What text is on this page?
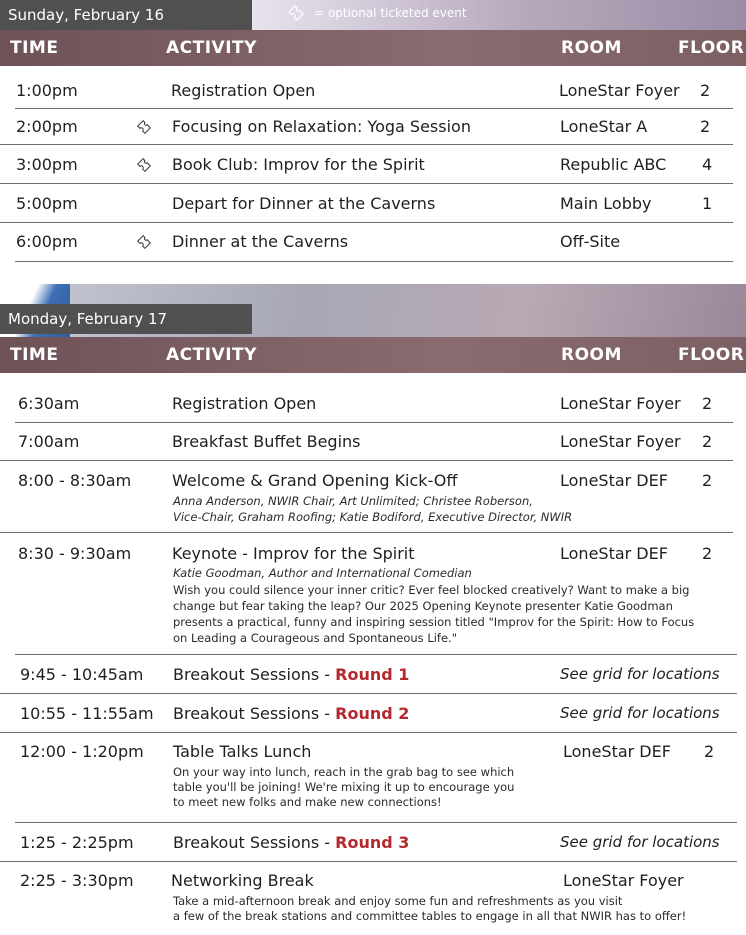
Sunday, February 16	= optional ticketed event
TIME	ACTIVITY	ROOM	FLOOR
1:00pm	Registration Open	LoneStar Foyer 2
2:00pm	Focusing on Relaxation: Yoga Session	LoneStar A	2
3:00pm	Book Club: Improv for the Spirit	Republic ABC 4
5:00pm	Depart for Dinner at the Caverns	Main Lobby	1
6:00pm	Dinner at the Caverns	Off-Site
Monday, February 17
TIME	ACTIVITY	ROOM	FLOOR
6:30am	Registration Open	LoneStar Foyer 2
7:00am	Breakfast Buffet Begins	LoneStar Foyer 2
8:00 - 8:30am	Welcome & Grand Opening Kick-Off	LoneStar DEF 2
Anna Anderson, NWIR Chair, Art Unlimited; Christee Roberson,
Vice-Chair, Graham Roofing; Katie Bodiford, Executive Director, NWIR
8:30 - 9:30am	Keynote - Improv for the Spirit	LoneStar DEF 2
Katie Goodman, Author and International Comedian
Wish you could silence your inner critic? Ever feel blocked creatively? Want to make a big
change but fear taking the leap? Our 2025 Opening Keynote presenter Katie Goodman
presents a practical, funny and inspiring session titled "Improv for the Spirit: How to Focus
on Leading a Courageous and Spontaneous Life."
9:45 - 10:45am Breakout Sessions - Round 1	See grid for locations
10:55 - 11:55am Breakout Sessions - Round 2	See grid for locations
12:00 - 1:20pm Table Talks Lunch	LoneStar DEF 2
On your way into lunch, reach in the grab bag to see which
table you'll be joining! We're mixing it up to encourage you
to meet new folks and make new connections!
1:25 - 2:25pm Breakout Sessions - Round 3	See grid for locations
2:25 - 3:30pm Networking Break	LoneStar Foyer
Take a mid-afternoon break and enjoy some fun and refreshments as you visit
a few of the break stations and committee tables to engage in all that NWIR has to offer!
